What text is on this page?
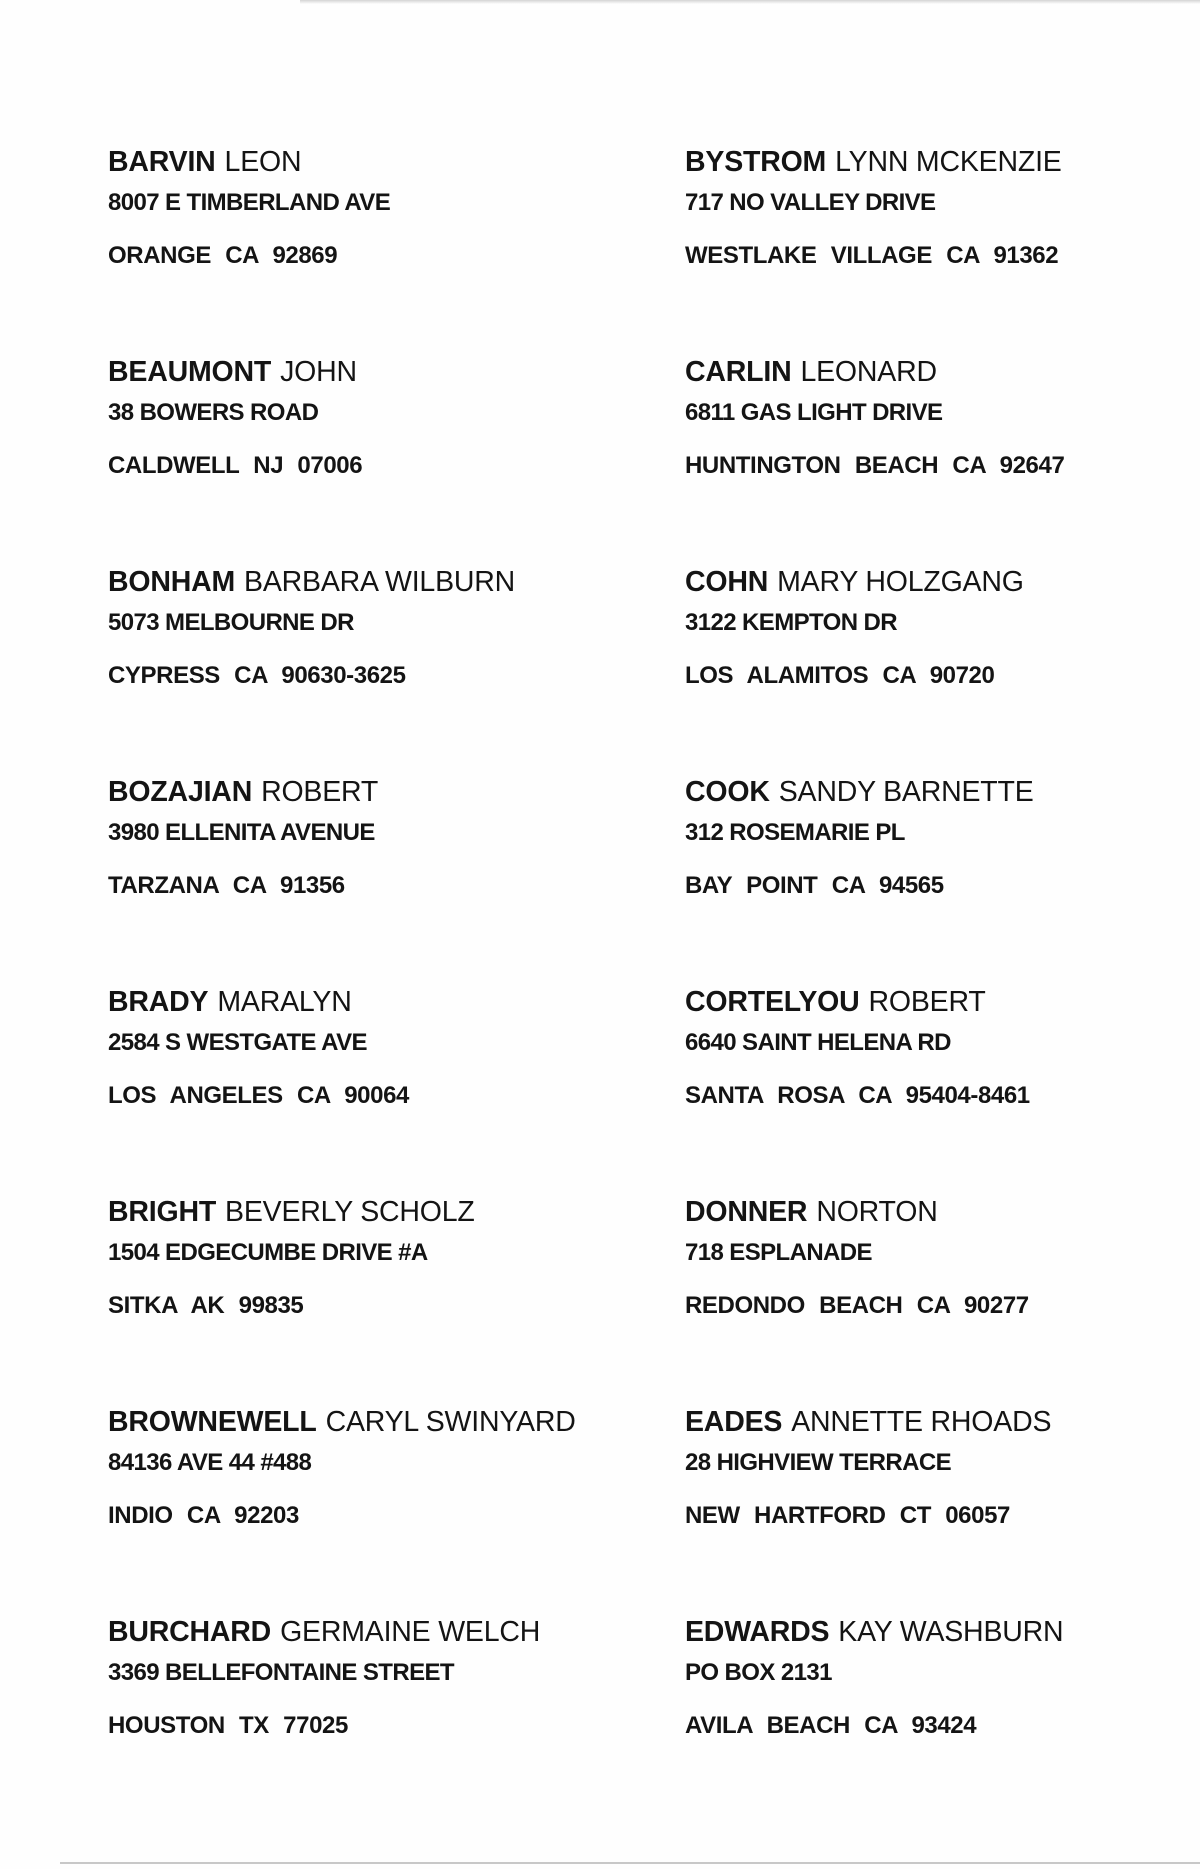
BARVIN LEON
8007 E TIMBERLAND AVE
ORANGE CA 92869
BYSTROM LYNN MCKENZIE
717 NO VALLEY DRIVE
WESTLAKE VILLAGE CA 91362
BEAUMONT JOHN
38 BOWERS ROAD
CALDWELL NJ 07006
CARLIN LEONARD
6811 GAS LIGHT DRIVE
HUNTINGTON BEACH CA 92647
BONHAM BARBARA WILBURN
5073 MELBOURNE DR
CYPRESS CA 90630-3625
COHN MARY HOLZGANG
3122 KEMPTON DR
LOS ALAMITOS CA 90720
BOZAJIAN ROBERT
3980 ELLENITA AVENUE
TARZANA CA 91356
COOK SANDY BARNETTE
312 ROSEMARIE PL
BAY POINT CA 94565
BRADY MARALYN
2584 S WESTGATE AVE
LOS ANGELES CA 90064
CORTELYOU ROBERT
6640 SAINT HELENA RD
SANTA ROSA CA 95404-8461
BRIGHT BEVERLY SCHOLZ
1504 EDGECUMBE DRIVE #A
SITKA AK 99835
DONNER NORTON
718 ESPLANADE
REDONDO BEACH CA 90277
BROWNEWELL CARYL SWINYARD
84136 AVE 44 #488
INDIO CA 92203
EADES ANNETTE RHOADS
28 HIGHVIEW TERRACE
NEW HARTFORD CT 06057
BURCHARD GERMAINE WELCH
3369 BELLEFONTAINE STREET
HOUSTON TX 77025
EDWARDS KAY WASHBURN
PO BOX 2131
AVILA BEACH CA 93424
